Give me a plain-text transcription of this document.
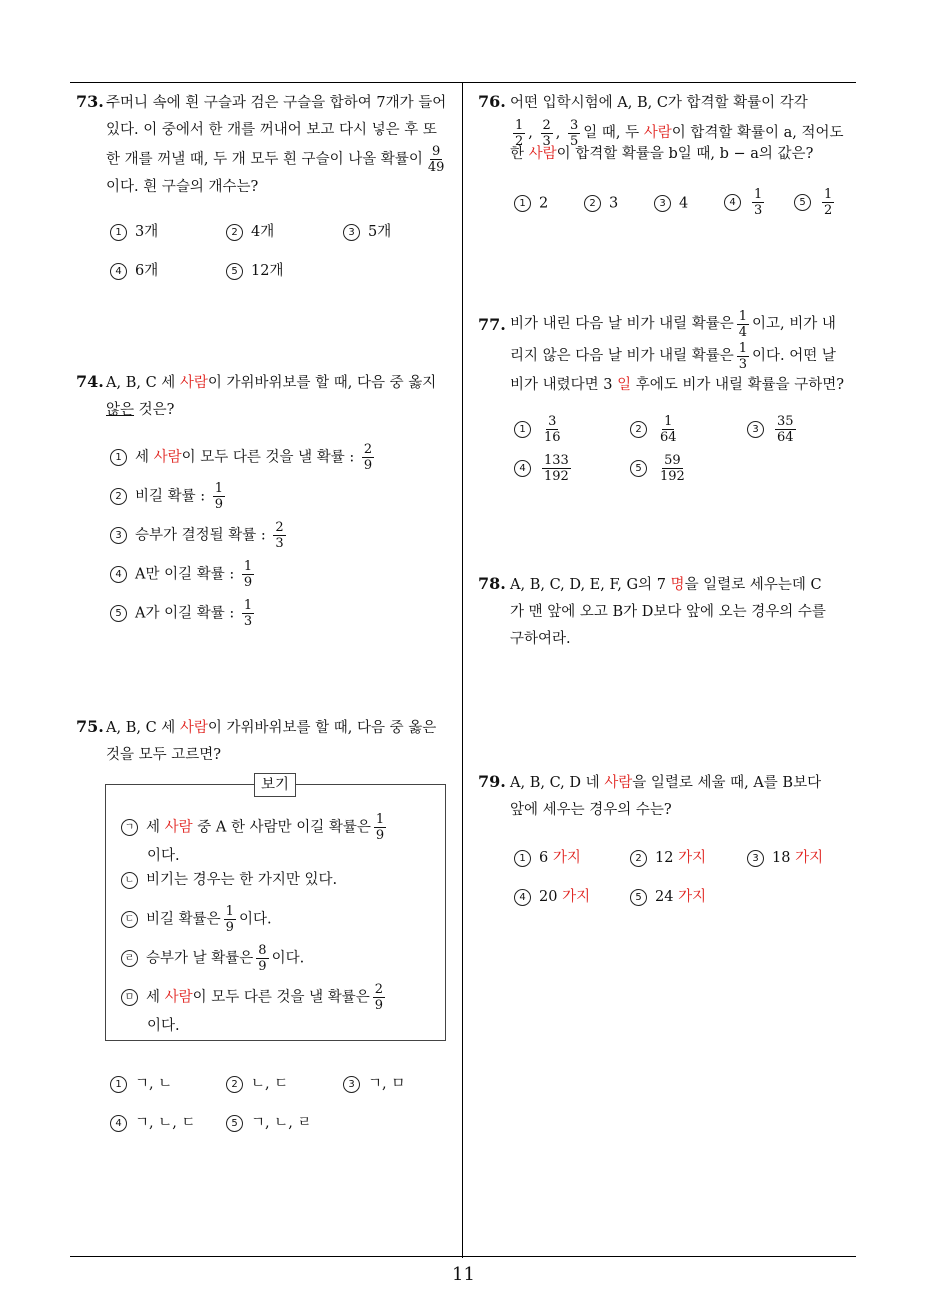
11
73. 주머니 속에 흰 구슬과 검은 구슬을 합하여 7개가 들어
있다. 이 중에서 한 개를 꺼내어 보고 다시 넣은 후 또
한 개를 꺼낼 때, 두 개 모두 흰 구슬이 나올 확률이 $\frac{9}{49}$
이다. 흰 구슬의 개수는?
1 3개	2 4개	3 5개
4 6개	5 12개
74. A, B, C 세 사람이 가위바위보를 할 때, 다음 중 옳지
않은 것은?
1 세 사람이 모두 다른 것을 낼 확률 : $\frac{2}{9}$
2 비길 확률 : $\frac{1}{9}$
3 승부가 결정될 확률 : $\frac{2}{3}$
4 A만 이길 확률 : $\frac{1}{9}$
5 A가 이길 확률 : $\frac{1}{3}$
75. A, B, C 세 사람이 가위바위보를 할 때, 다음 중 옳은
것을 모두 고르면?
보기
ㄱ 세 사람 중 A 한 사람만 이길 확률은 $\frac{1}{9}$
이다.
ㄴ 비기는 경우는 한 가지만 있다.
ㄷ 비길 확률은 $\frac{1}{9}$ 이다.
ㄹ 승부가 날 확률은 $\frac{8}{9}$ 이다.
ㅁ 세 사람이 모두 다른 것을 낼 확률은 $\frac{2}{9}$
이다.
1 ㄱ, ㄴ	2 ㄴ, ㄷ	3 ㄱ, ㅁ
4 ㄱ, ㄴ, ㄷ	5 ㄱ, ㄴ, ㄹ
76. 어떤 입학시험에 A, B, C가 합격할 확률이 각각
$\frac{1}{2}$ , $\frac{2}{3}$ , $\frac{3}{5}$ 일 때, 두 사람이 합격할 확률이 a, 적어도
한 사람이 합격할 확률을 b일 때, b − a의 값은?
1 2	2 3	3 4	$4 \frac{1}{3}$	$5 \frac{1}{2}$
77. 비가 내린 다음 날 비가 내릴 확률은 $\frac{1}{4}$ 이고, 비가 내
리지 않은 다음 날 비가 내릴 확률은 $\frac{1}{3}$ 이다. 어떤 날
비가 내렸다면 3 일 후에도 비가 내릴 확률을 구하면?
$1 \frac{3}{16}$	$2 \frac{1}{64}$	$3 \frac{35}{64}$
$4 \frac{133}{192}$	$5 \frac{59}{192}$
78. A, B, C, D, E, F, G의 7 명을 일렬로 세우는데 C
가 맨 앞에 오고 B가 D보다 앞에 오는 경우의 수를
구하여라.
79. A, B, C, D 네 사람을 일렬로 세울 때, A를 B보다
앞에 세우는 경우의 수는?
1 6 가지	2 12 가지	3 18 가지
4 20 가지	5 24 가지
